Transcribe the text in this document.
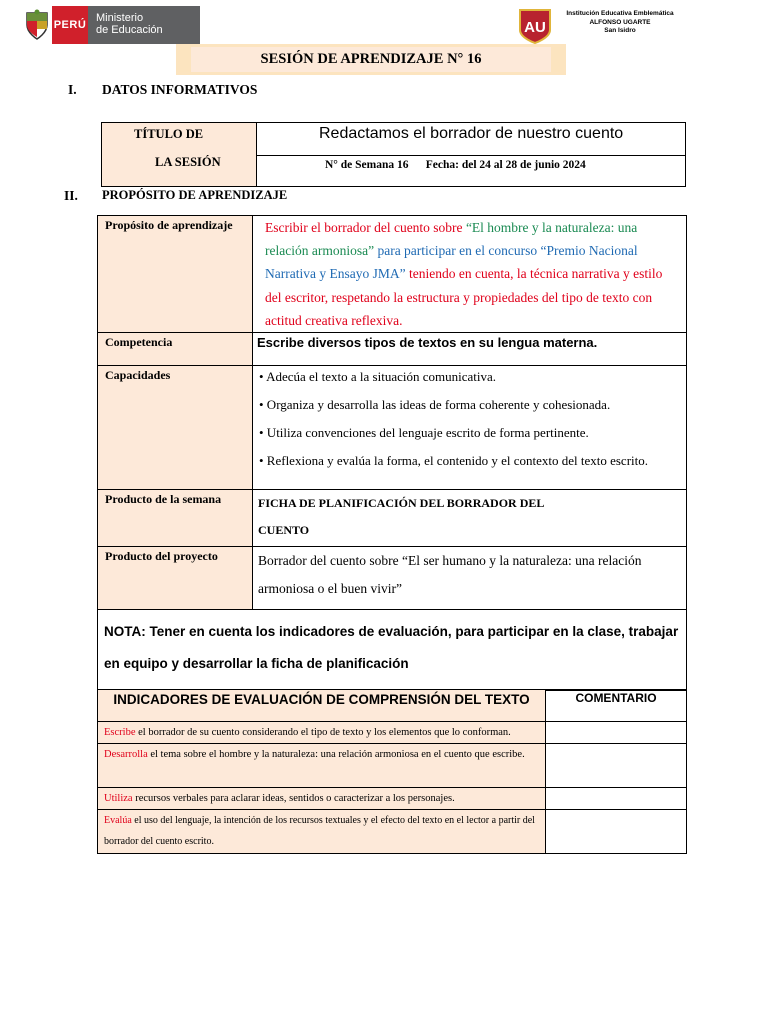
PERÚ
Ministerio
de Educación	AU
Institución Educativa Emblemática
ALFONSO UGARTE
San Isidro
SESIÓN DE APRENDIZAJE N° 16
I. DATOS INFORMATIVOS
TÍTULO DE
LA SESIÓN
Redactamos el borrador de nuestro cuento
N° de Semana 16 Fecha: del 24 al 28 de junio 2024
II. PROPÓSITO DE APRENDIZAJE
Propósito de aprendizaje	Escribir el borrador del cuento sobre “El hombre y la naturaleza: una relación armoniosa” para participar en el concurso “Premio Nacional Narrativa y Ensayo JMA” teniendo en cuenta, la técnica narrativa y estilo del escritor, respetando la estructura y propiedades del tipo de texto con actitud creativa reflexiva.

Competencia	Escribe diversos tipos de textos en su lengua materna.

Capacidades	• Adecúa el texto a la situación comunicativa.
• Organiza y desarrolla las ideas de forma coherente y cohesionada.
• Utiliza convenciones del lenguaje escrito de forma pertinente.
• Reflexiona y evalúa la forma, el contenido y el contexto del texto escrito.

Producto de la semana	FICHA DE PLANIFICACIÓN DEL BORRADOR DEL CUENTO

Producto del proyecto	Borrador del cuento sobre “El ser humano y la naturaleza: una relación armoniosa o el buen vivir”

NOTA: Tener en cuenta los indicadores de evaluación, para participar en la clase, trabajar en equipo y desarrollar la ficha de planificación	
INDICADORES DE EVALUACIÓN DE COMPRENSIÓN DEL TEXTO	COMENTARIO
Escribe el borrador de su cuento considerando el tipo de texto y los elementos que lo conforman.	
Desarrolla el tema sobre el hombre y la naturaleza: una relación armoniosa en el cuento que escribe.	
Utiliza recursos verbales para aclarar ideas, sentidos o caracterizar a los personajes.	
Evalúa el uso del lenguaje, la intención de los recursos textuales y el efecto del texto en el lector a partir del borrador del cuento escrito.	
